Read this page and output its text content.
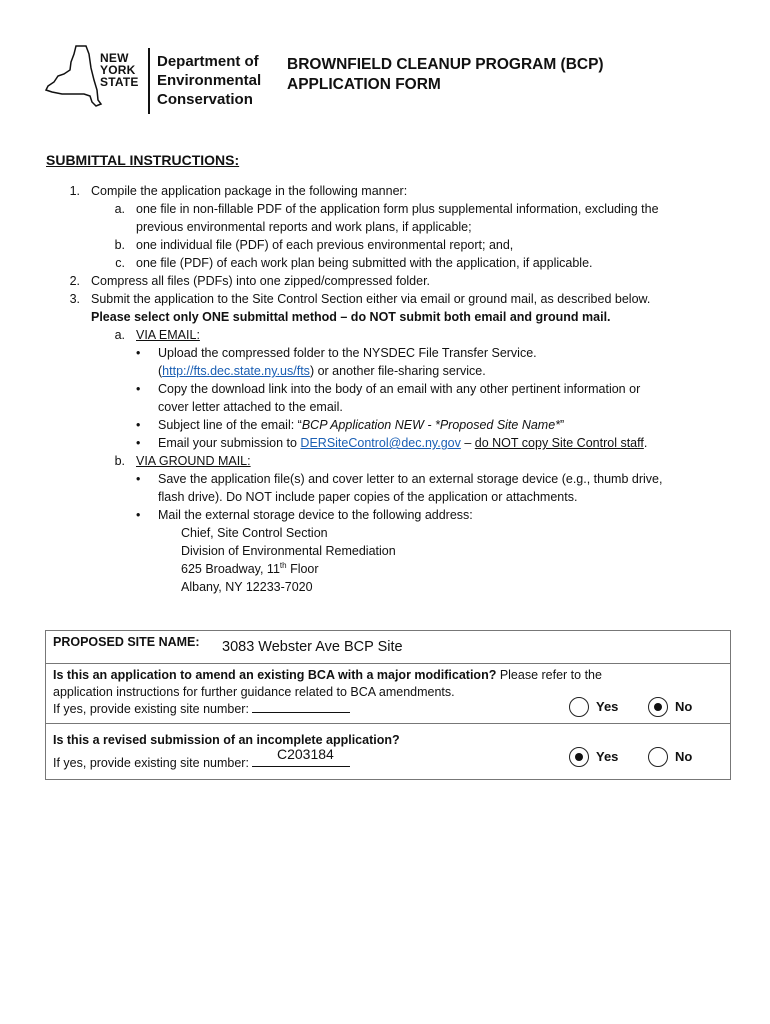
NEW
YORK
STATE
Department of
Environmental
Conservation
BROWNFIELD CLEANUP PROGRAM (BCP)
APPLICATION FORM
SUBMITTAL INSTRUCTIONS:
1. Compile the application package in the following manner:
a. one file in non-fillable PDF of the application form plus supplemental information, excluding the
previous environmental reports and work plans, if applicable;
b. one individual file (PDF) of each previous environmental report; and,
c. one file (PDF) of each work plan being submitted with the application, if applicable.
2. Compress all files (PDFs) into one zipped/compressed folder.
3. Submit the application to the Site Control Section either via email or ground mail, as described below.
Please select only ONE submittal method – do NOT submit both email and ground mail.
a. VIA EMAIL:
• Upload the compressed folder to the NYSDEC File Transfer Service.
(http://fts.dec.state.ny.us/fts) or another file-sharing service.
• Copy the download link into the body of an email with any other pertinent information or
cover letter attached to the email.
• Subject line of the email: “BCP Application NEW - *Proposed Site Name*”
• Email your submission to DERSiteControl@dec.ny.gov – do NOT copy Site Control staff.
b. VIA GROUND MAIL:
• Save the application file(s) and cover letter to an external storage device (e.g., thumb drive,
flash drive). Do NOT include paper copies of the application or attachments.
• Mail the external storage device to the following address:
Chief, Site Control Section
Division of Environmental Remediation
625 Broadway, 11th Floor
Albany, NY 12233-7020
PROPOSED SITE NAME: 3083 Webster Ave BCP Site
Is this an application to amend an existing BCA with a major modification? Please refer to the
application instructions for further guidance related to BCA amendments.
If yes, provide existing site number:	Yes	No
Is this a revised submission of an incomplete application?
If yes, provide existing site number:
C203184	Yes	No
